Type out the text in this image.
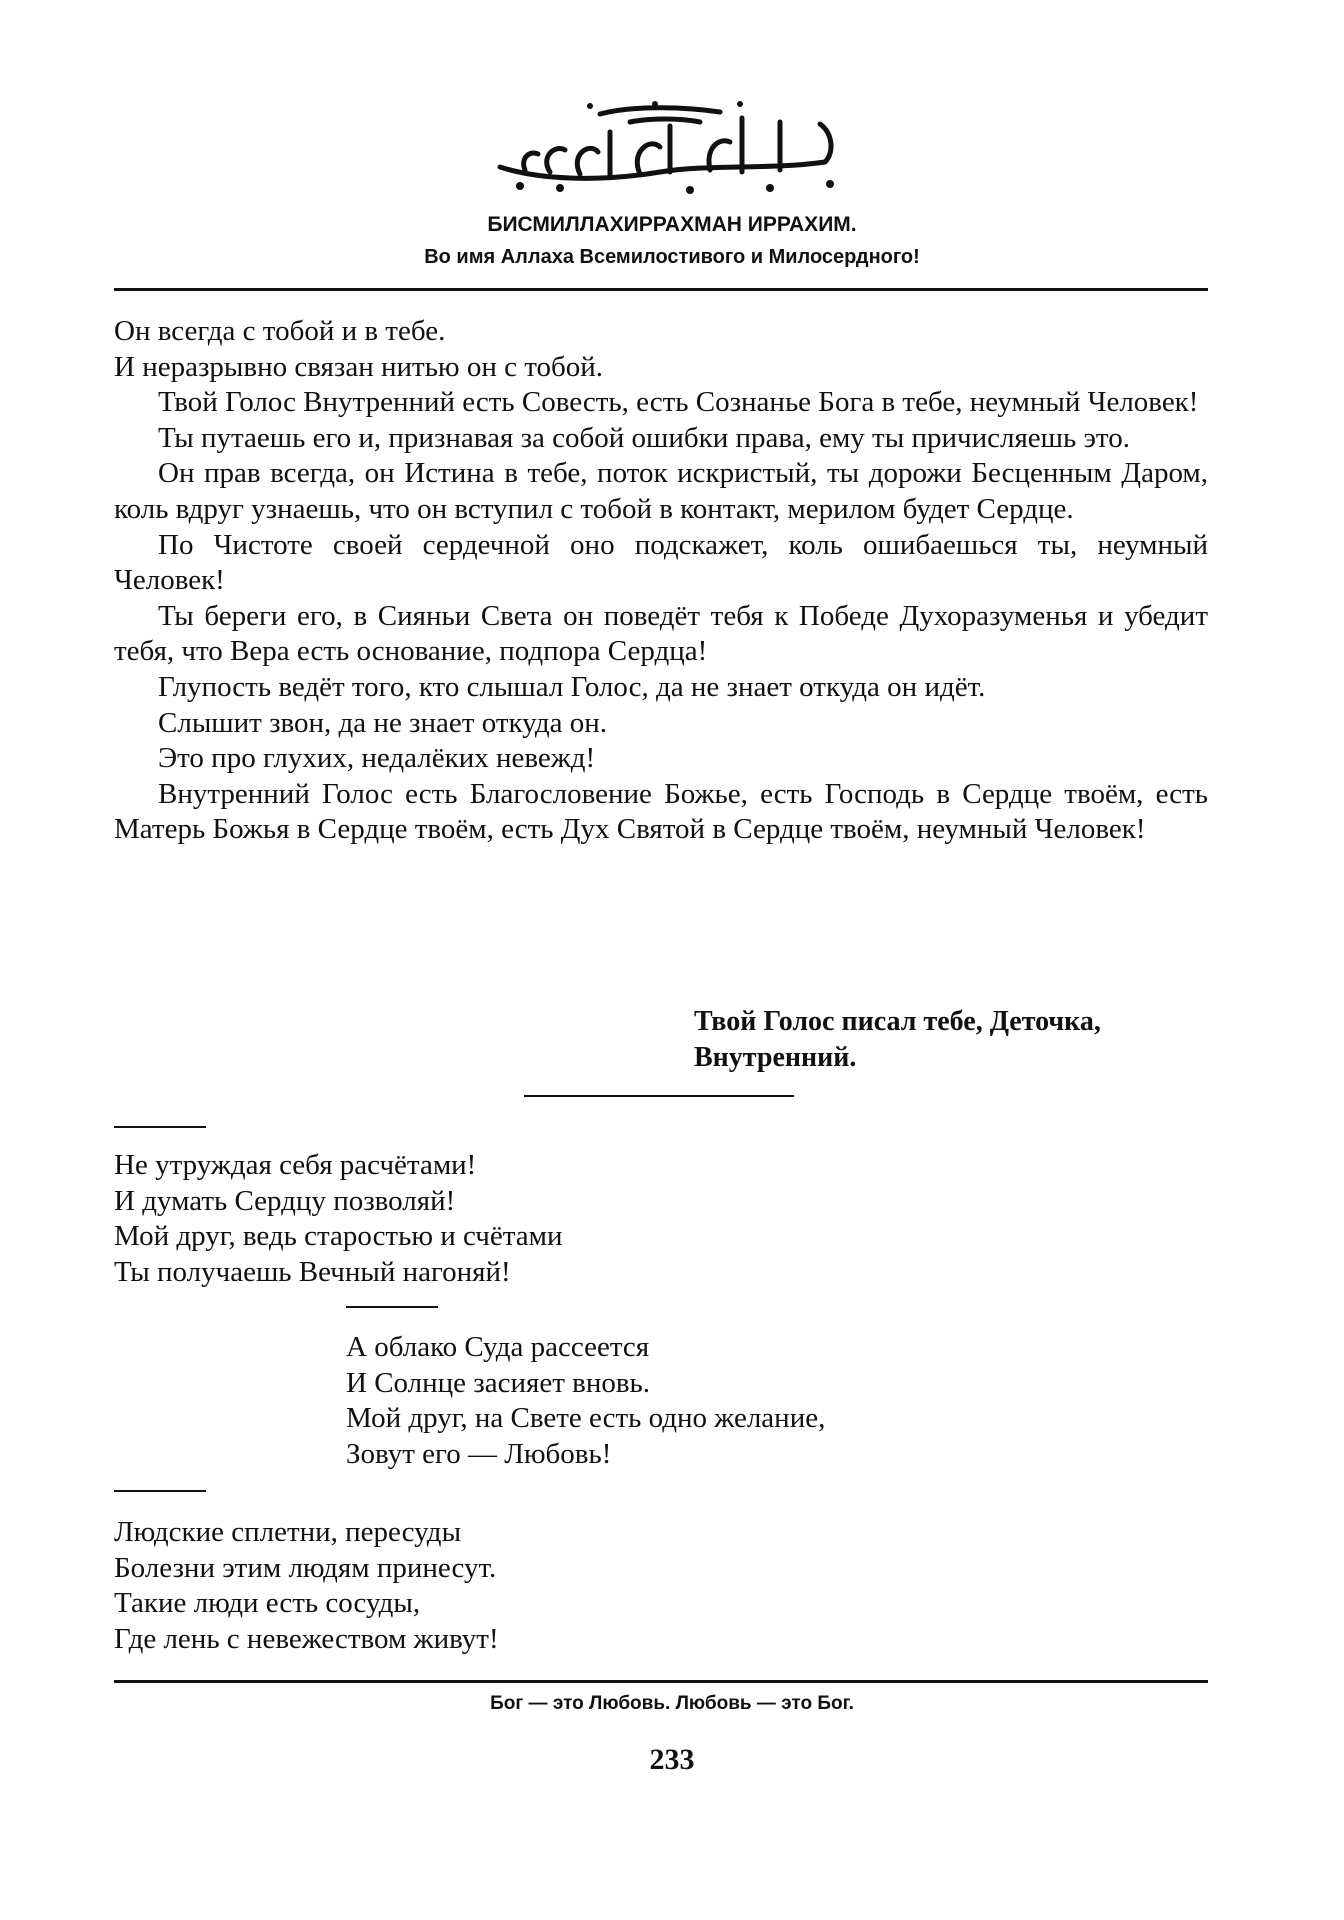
БИСМИЛЛАХИРРАХМАН ИРРАХИМ.
Во имя Аллаха Всемилостивого и Милосердного!

Он всегда с тобой и в тебе.

И неразрывно связан нитью он с тобой.

Твой Голос Внутренний есть Совесть, есть Сознанье Бога в тебе, неумный Человек!

Ты путаешь его и, признавая за собой ошибки права, ему ты причисляешь это.

Он прав всегда, он Истина в тебе, поток искристый, ты дорожи Бесценным Даром, коль вдруг узнаешь, что он вступил с тобой в контакт, мерилом будет Сердце.

По Чистоте своей сердечной оно подскажет, коль ошибаешься ты, неумный Человек!

Ты береги его, в Сияньи Света он поведёт тебя к Победе Духоразуменья и убедит тебя, что Вера есть основание, подпора Сердца!

Глупость ведёт того, кто слышал Голос, да не знает откуда он идёт.

Слышит звон, да не знает откуда он.

Это про глухих, недалёких невежд!

Внутренний Голос есть Благословение Божье, есть Господь в Сердце твоём, есть Матерь Божья в Сердце твоём, есть Дух Святой в Сердце твоём, неумный Человек!

Твой Голос писал тебе, Деточка,
Внутренний.
Не утруждая себя расчётами!
И думать Сердцу позволяй!
Мой друг, ведь старостью и счётами
Ты получаешь Вечный нагоняй!
А облако Суда рассеется
И Солнце засияет вновь.
Мой друг, на Свете есть одно желание,
Зовут его — Любовь!
Людские сплетни, пересуды
Болезни этим людям принесут.
Такие люди есть сосуды,
Где лень с невежеством живут!
Бог — это Любовь. Любовь — это Бог.
233
